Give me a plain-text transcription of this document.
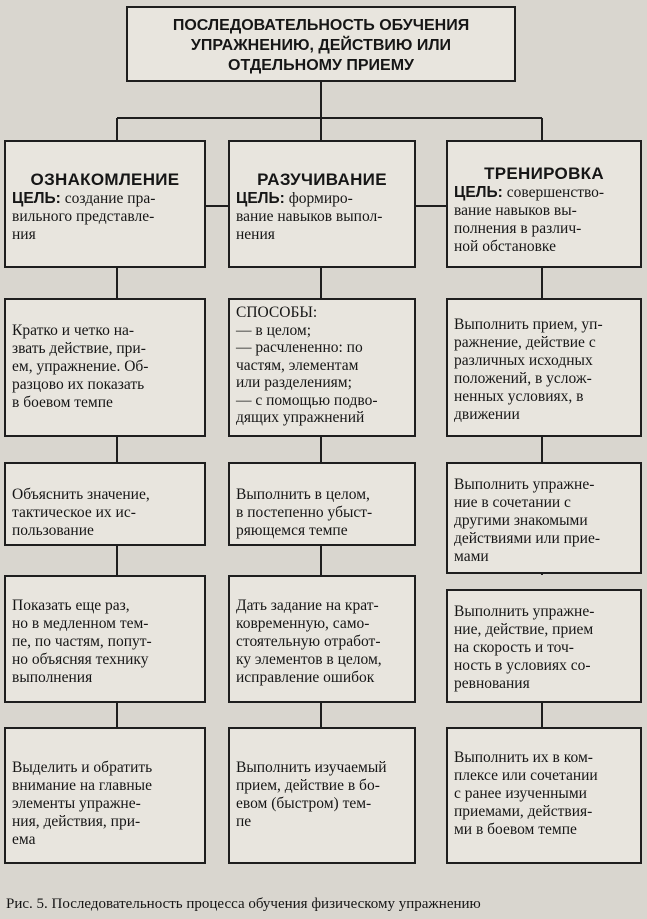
ПОСЛЕДОВАТЕЛЬНОСТЬ ОБУЧЕНИЯ
УПРАЖНЕНИЮ, ДЕЙСТВИЮ ИЛИ
ОТДЕЛЬНОМУ ПРИЕМУ
ОЗНАКОМЛЕНИЕ
ЦЕЛЬ: создание пра-
вильного представле-
ния
Кратко и четко на-
звать действие, при-
ем, упражнение. Об-
разцово их показать
в боевом темпе
Объяснить значение,
тактическое их ис-
пользование
Показать еще раз,
но в медленном тем-
пе, по частям, попут-
но объясняя технику
выполнения
Выделить и обратить
внимание на главные
элементы упражне-
ния, действия, при-
ема
РАЗУЧИВАНИЕ
ЦЕЛЬ: формиро-
вание навыков выпол-
нения
СПОСОБЫ:
— в целом;
— расчлененно: по
частям, элементам
или разделениям;
— с помощью подво-
дящих упражнений
Выполнить в целом,
в постепенно убыст-
ряющемся темпе
Дать задание на крат-
ковременную, само-
стоятельную отработ-
ку элементов в целом,
исправление ошибок
Выполнить изучаемый
прием, действие в бо-
евом (быстром) тем-
пе
ТРЕНИРОВКА
ЦЕЛЬ: совершенство-
вание навыков вы-
полнения в различ-
ной обстановке
Выполнить прием, уп-
ражнение, действие с
различных исходных
положений, в услож-
ненных условиях, в
движении
Выполнить упражне-
ние в сочетании с
другими знакомыми
действиями или прие-
мами
Выполнить упражне-
ние, действие, прием
на скорость и точ-
ность в условиях со-
ревнования
Выполнить их в ком-
плексе или сочетании
с ранее изученными
приемами, действия-
ми в боевом темпе
Рис. 5. Последовательность процесса обучения физическому упражнению
